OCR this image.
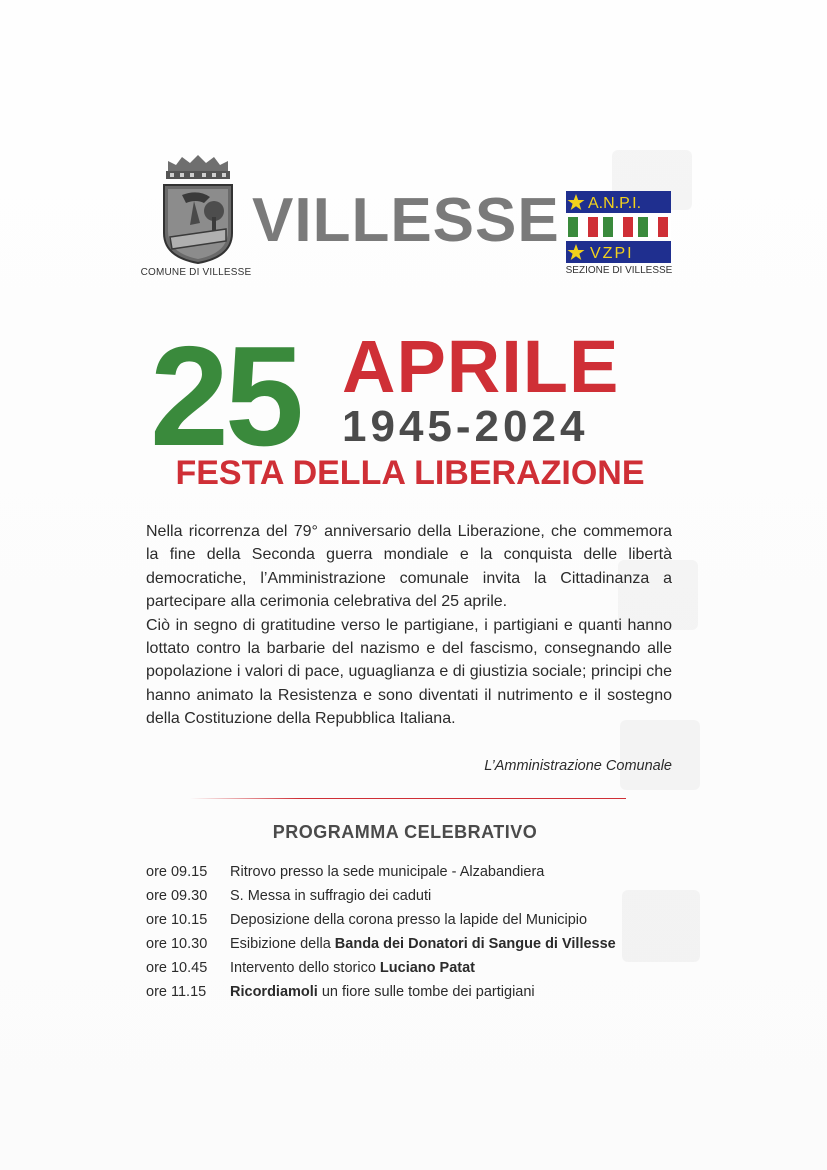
COMUNE DI VILLESSE
VILLESSE A.N.P.I.
VZPI
SEZIONE DI VILLESSE
25 APRILE
1945-2024
FESTA DELLA LIBERAZIONE

Nella ricorrenza del 79° anniversario della Liberazione, che commemora la fine della Seconda guerra mondiale e la conquista delle libertà democratiche, l’Amministrazione comunale invita la Cittadinanza a partecipare alla cerimonia celebrativa del 25 aprile.

Ciò in segno di gratitudine verso le partigiane, i partigiani e quanti hanno lottato contro la barbarie del nazismo e del fascismo, consegnando alle popolazione i valori di pace, uguaglianza e di giustizia sociale; principi che hanno animato la Resistenza e sono diventati il nutrimento e il sostegno della Costituzione della Repubblica Italiana.

L’Amministrazione Comunale
PROGRAMMA CELEBRATIVO
ore 09.15 Ritrovo presso la sede municipale - Alzabandiera
ore 09.30 S. Messa in suffragio dei caduti
ore 10.15 Deposizione della corona presso la lapide del Municipio
ore 10.30 Esibizione della Banda dei Donatori di Sangue di Villesse
ore 10.45 Intervento dello storico Luciano Patat
ore 11.15 Ricordiamoli un fiore sulle tombe dei partigiani
